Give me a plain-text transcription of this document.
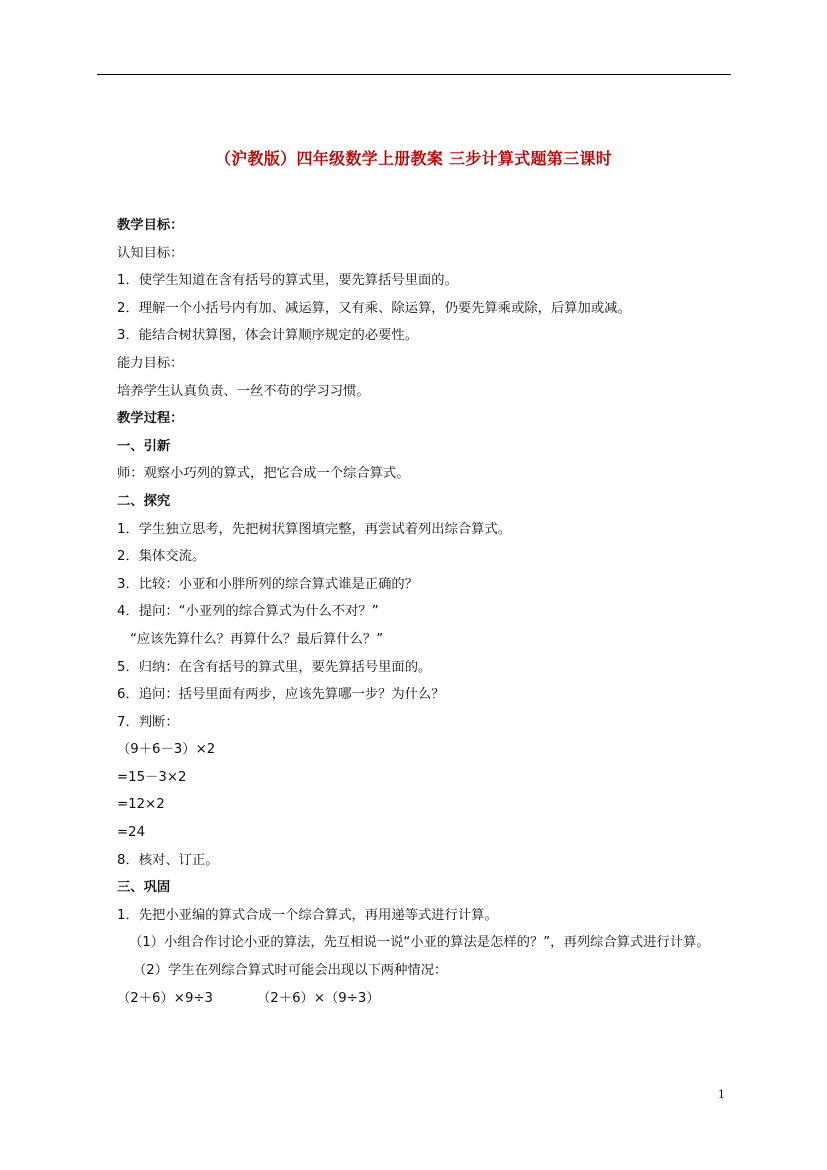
（沪教版）四年级数学上册教案 三步计算式题第三课时
教学目标：
认知目标：
1．使学生知道在含有括号的算式里，要先算括号里面的。
2．理解一个小括号内有加、减运算，又有乘、除运算，仍要先算乘或除，后算加或减。
3．能结合树状算图，体会计算顺序规定的必要性。
能力目标：
培养学生认真负责、一丝不苟的学习习惯。
教学过程：
一、引新
师：观察小巧列的算式，把它合成一个综合算式。
二、探究
1．学生独立思考，先把树状算图填完整，再尝试着列出综合算式。
2．集体交流。
3．比较：小亚和小胖所列的综合算式谁是正确的？
4．提问：“小亚列的综合算式为什么不对？”
“应该先算什么？再算什么？最后算什么？”
5．归纳：在含有括号的算式里，要先算括号里面的。
6．追问：括号里面有两步，应该先算哪一步？为什么？
7．判断：
（9＋6－3）×2
=15－3×2
=12×2
=24
8．核对、订正。
三、巩固
1．先把小亚编的算式合成一个综合算式，再用递等式进行计算。
（1）小组合作讨论小亚的算法，先互相说一说“小亚的算法是怎样的？”，再列综合算式进行计算。
（2）学生在列综合算式时可能会出现以下两种情况：
（2＋6）×9÷3	（2＋6）×（9÷3）
1
